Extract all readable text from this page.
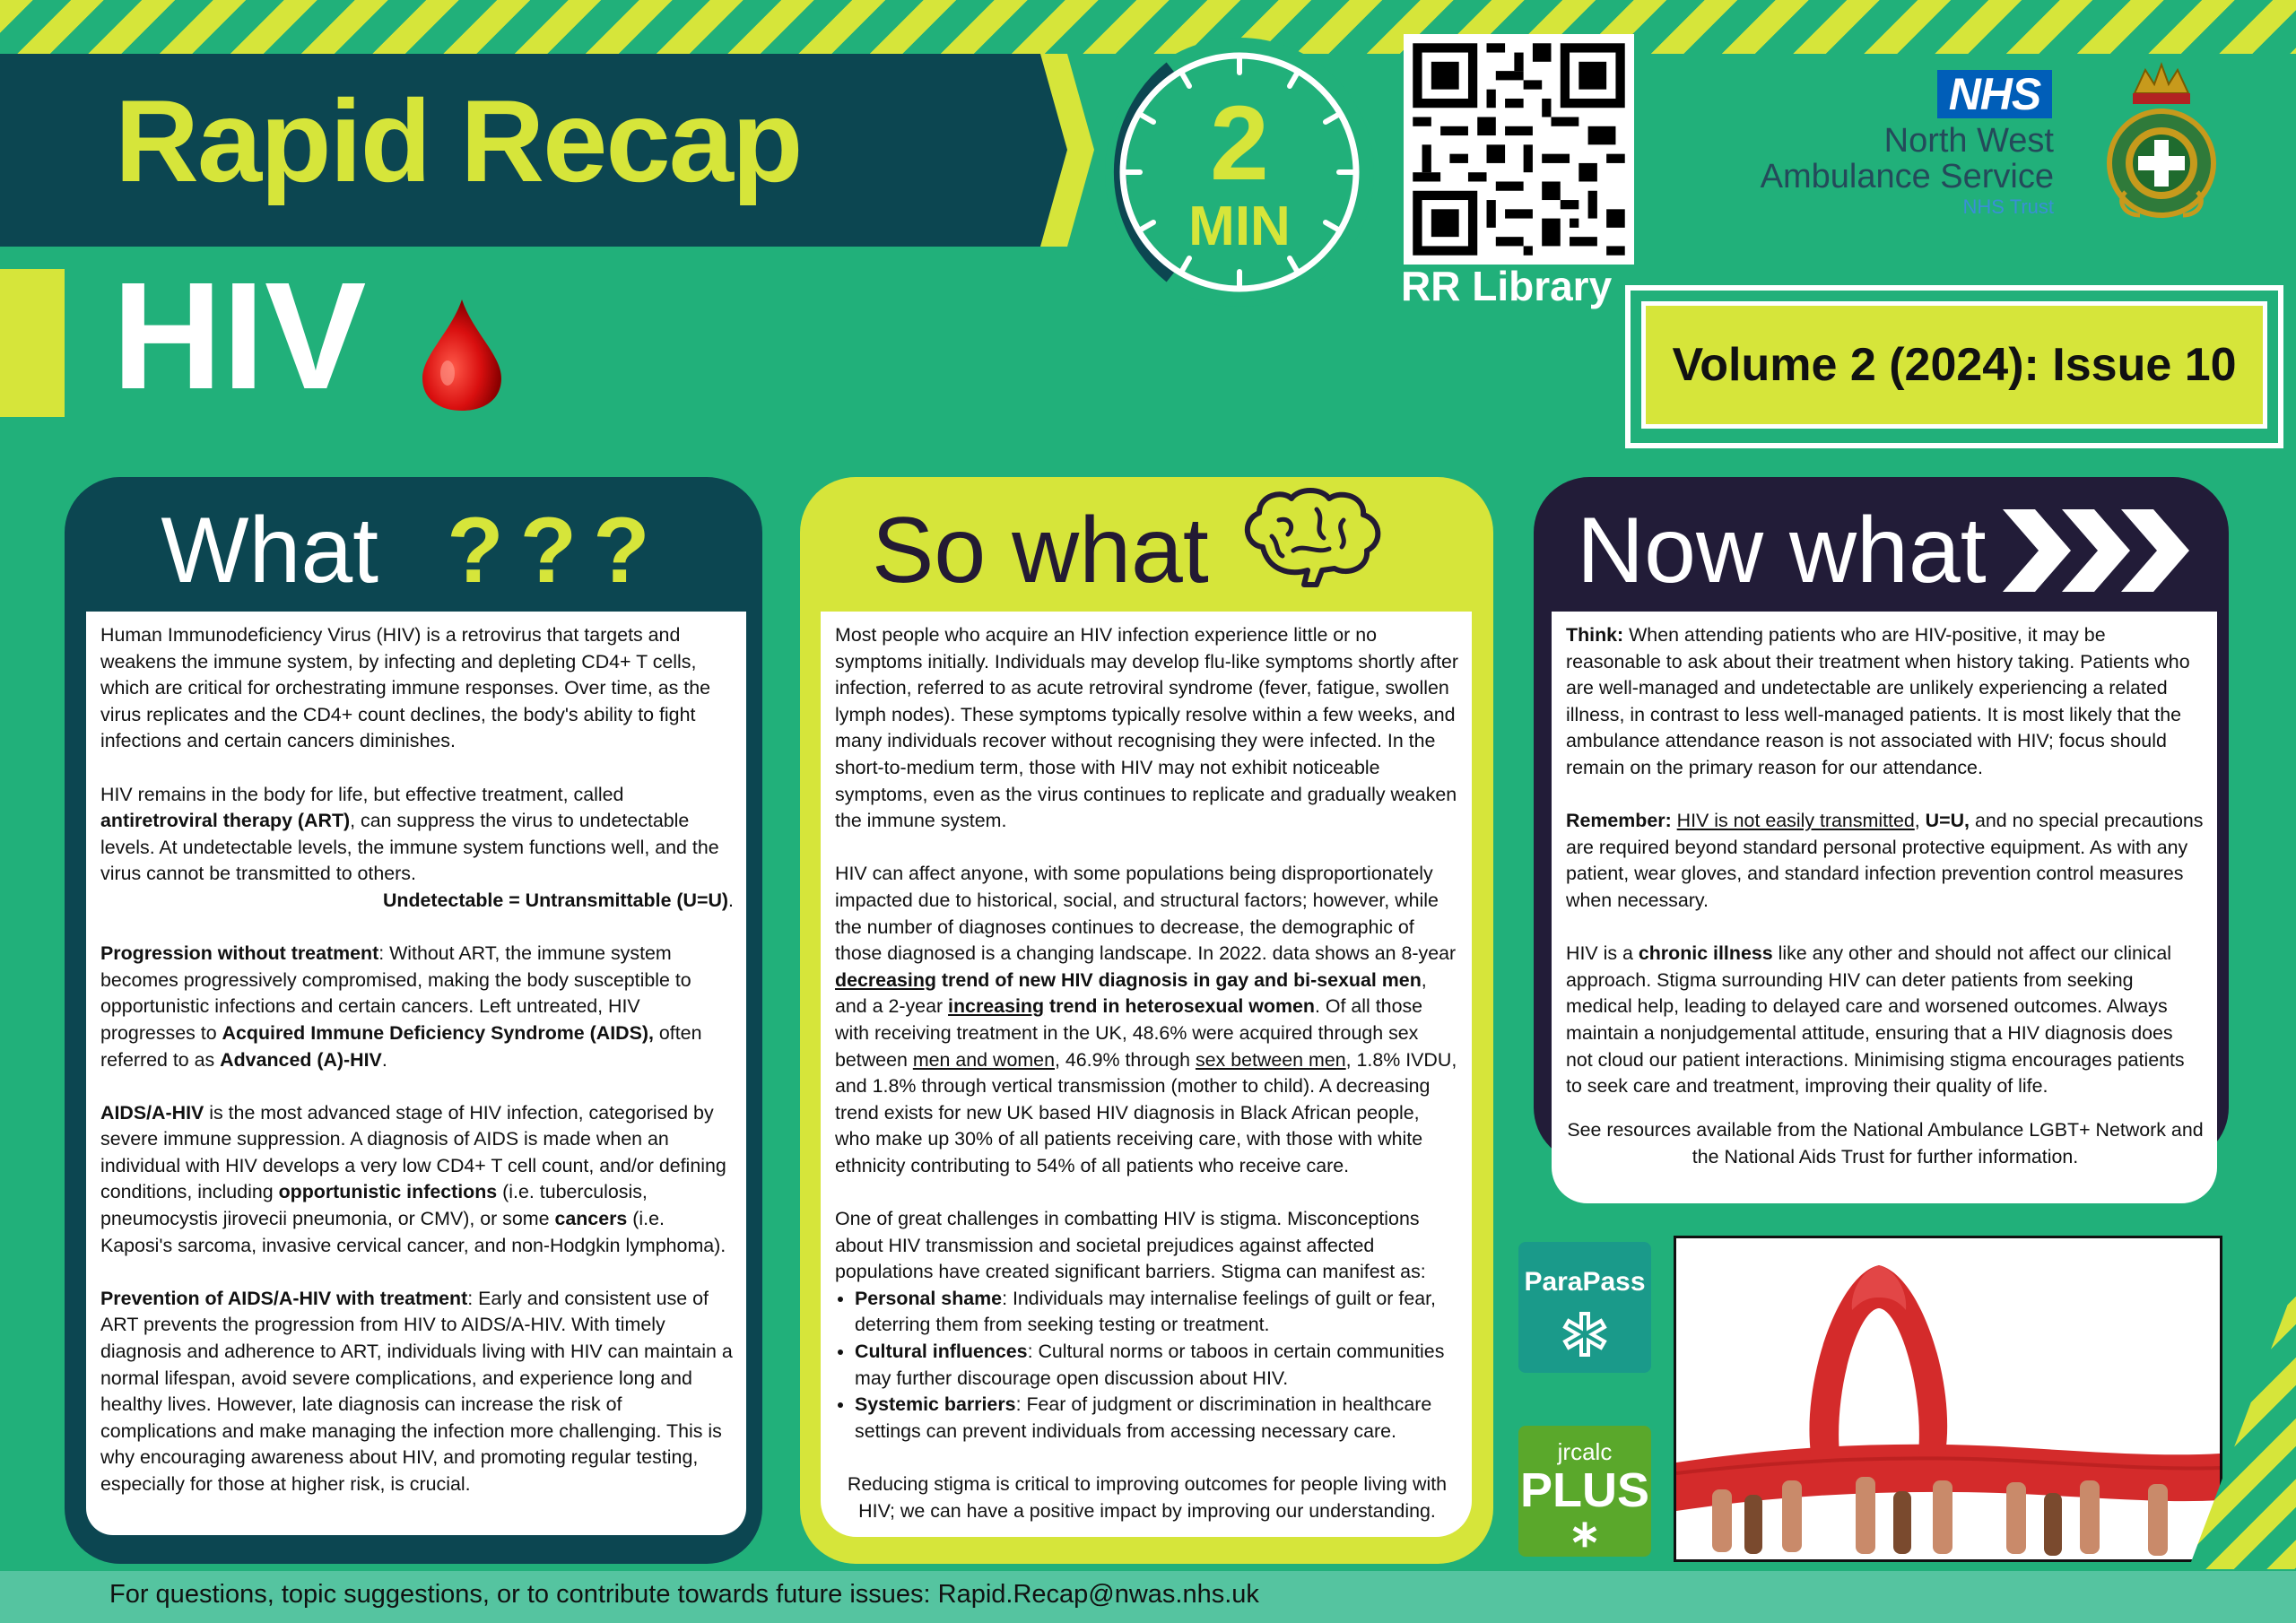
Rapid Recap
HIV
2
MIN
RR Library
NHS
North West
Ambulance Service
NHS Trust
Volume 2 (2024): Issue 10
What ???

Human Immunodeficiency Virus (HIV) is a retrovirus that targets and weakens the immune system, by infecting and depleting CD4+ T cells, which are critical for orchestrating immune responses. Over time, as the virus replicates and the CD4+ count declines, the body's ability to fight infections and certain cancers diminishes.

HIV remains in the body for life, but effective treatment, called antiretroviral therapy (ART), can suppress the virus to undetectable levels. At undetectable levels, the immune system functions well, and the virus cannot be transmitted to others.

Undetectable = Untransmittable (U=U).

Progression without treatment: Without ART, the immune system becomes progressively compromised, making the body susceptible to opportunistic infections and certain cancers. Left untreated, HIV progresses to Acquired Immune Deficiency Syndrome (AIDS), often referred to as Advanced (A)-HIV.

AIDS/A-HIV is the most advanced stage of HIV infection, categorised by severe immune suppression. A diagnosis of AIDS is made when an individual with HIV develops a very low CD4+ T cell count, and/or defining conditions, including opportunistic infections (i.e. tuberculosis, pneumocystis jirovecii pneumonia, or CMV), or some cancers (i.e. Kaposi's sarcoma, invasive cervical cancer, and non-Hodgkin lymphoma).

Prevention of AIDS/A-HIV with treatment: Early and consistent use of ART prevents the progression from HIV to AIDS/A-HIV. With timely diagnosis and adherence to ART, individuals living with HIV can maintain a normal lifespan, avoid severe complications, and experience long and healthy lives. However, late diagnosis can increase the risk of complications and make managing the infection more challenging. This is why encouraging awareness about HIV, and promoting regular testing, especially for those at higher risk, is crucial.

So what

Most people who acquire an HIV infection experience little or no symptoms initially. Individuals may develop flu-like symptoms shortly after infection, referred to as acute retroviral syndrome (fever, fatigue, swollen lymph nodes). These symptoms typically resolve within a few weeks, and many individuals recover without recognising they were infected. In the short-to-medium term, those with HIV may not exhibit noticeable symptoms, even as the virus continues to replicate and gradually weaken the immune system.

HIV can affect anyone, with some populations being disproportionately impacted due to historical, social, and structural factors; however, while the number of diagnoses continues to decrease, the demographic of those diagnosed is a changing landscape. In 2022. data shows an 8-year decreasing trend of new HIV diagnosis in gay and bi-sexual men, and a 2-year increasing trend in heterosexual women. Of all those with receiving treatment in the UK, 48.6% were acquired through sex between men and women, 46.9% through sex between men, 1.8% IVDU, and 1.8% through vertical transmission (mother to child). A decreasing trend exists for new UK based HIV diagnosis in Black African people, who make up 30% of all patients receiving care, with those with white ethnicity contributing to 54% of all patients who receive care.

One of great challenges in combatting HIV is stigma. Misconceptions about HIV transmission and societal prejudices against affected populations have created significant barriers. Stigma can manifest as:

• Personal shame: Individuals may internalise feelings of guilt or fear, deterring them from seeking testing or treatment.
• Cultural influences: Cultural norms or taboos in certain communities may further discourage open discussion about HIV.
• Systemic barriers: Fear of judgment or discrimination in healthcare settings can prevent individuals from accessing necessary care.

Reducing stigma is critical to improving outcomes for people living with HIV; we can have a positive impact by improving our understanding.

Now what

Think: When attending patients who are HIV-positive, it may be reasonable to ask about their treatment when history taking. Patients who are well-managed and undetectable are unlikely experiencing a related illness, in contrast to less well-managed patients. It is most likely that the ambulance attendance reason is not associated with HIV; focus should remain on the primary reason for our attendance.

Remember: HIV is not easily transmitted, U=U, and no special precautions are required beyond standard personal protective equipment. As with any patient, wear gloves, and standard infection prevention control measures when necessary.

HIV is a chronic illness like any other and should not affect our clinical approach. Stigma surrounding HIV can deter patients from seeking medical help, leading to delayed care and worsened outcomes. Always maintain a nonjudgemental attitude, ensuring that a HIV diagnosis does not cloud our patient interactions. Minimising stigma encourages patients to seek care and treatment, improving their quality of life.

See resources available from the National Ambulance LGBT+ Network and the National Aids Trust for further information.

ParaPass
jrcalc
PLUS
For questions, topic suggestions, or to contribute towards future issues: Rapid.Recap@nwas.nhs.uk
